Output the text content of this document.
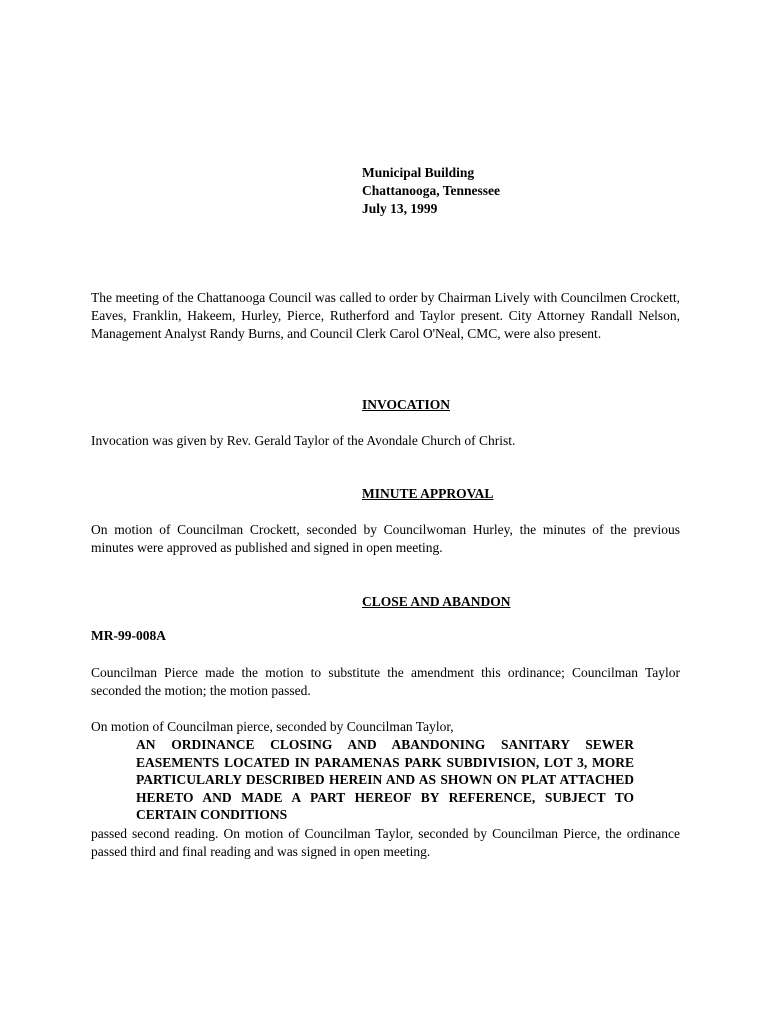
Municipal Building
Chattanooga, Tennessee
July 13, 1999
The meeting of the Chattanooga Council was called to order by Chairman Lively with Councilmen Crockett, Eaves, Franklin, Hakeem, Hurley, Pierce, Rutherford and Taylor present. City Attorney Randall Nelson, Management Analyst Randy Burns, and Council Clerk Carol O'Neal, CMC, were also present.
INVOCATION
Invocation was given by Rev. Gerald Taylor of the Avondale Church of Christ.
MINUTE APPROVAL
On motion of Councilman Crockett, seconded by Councilwoman Hurley, the minutes of the previous minutes were approved as published and signed in open meeting.
CLOSE AND ABANDON
MR-99-008A
Councilman Pierce made the motion to substitute the amendment this ordinance; Councilman Taylor seconded the motion; the motion passed.
On motion of Councilman pierce, seconded by Councilman Taylor,
AN ORDINANCE CLOSING AND ABANDONING SANITARY SEWER EASEMENTS LOCATED IN PARAMENAS PARK SUBDIVISION, LOT 3, MORE PARTICULARLY DESCRIBED HEREIN AND AS SHOWN ON PLAT ATTACHED HERETO AND MADE A PART HEREOF BY REFERENCE, SUBJECT TO CERTAIN CONDITIONS
passed second reading. On motion of Councilman Taylor, seconded by Councilman Pierce, the ordinance passed third and final reading and was signed in open meeting.
